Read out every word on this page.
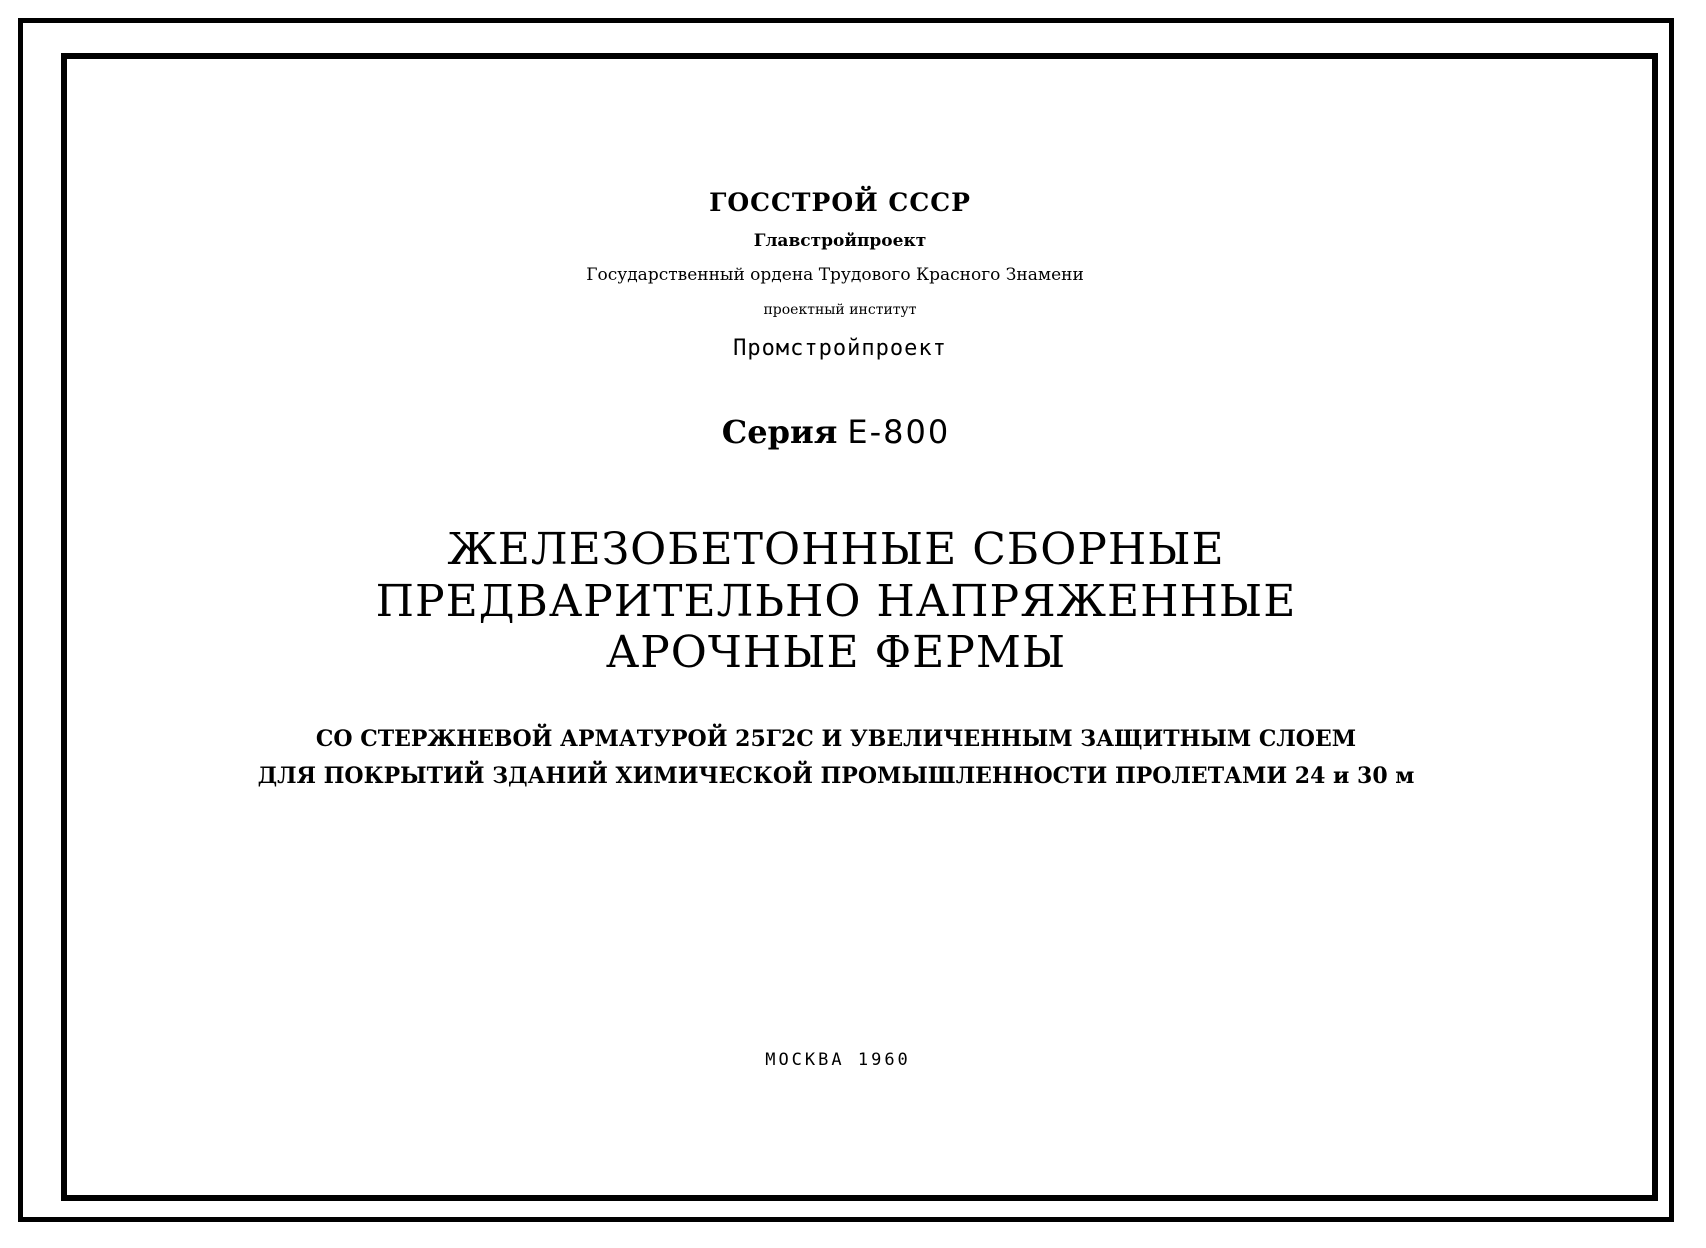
ГОССТРОЙ СССР
Главстройпроект
Государственный ордена Трудового Красного Знамени
проектный институт
Промстройпроект
Серия Е-800
ЖЕЛЕЗОБЕТОННЫЕ СБОРНЫЕ
ПРЕДВАРИТЕЛЬНО НАПРЯЖЕННЫЕ
АРОЧНЫЕ ФЕРМЫ
СО СТЕРЖНЕВОЙ АРМАТУРОЙ 25Г2С И УВЕЛИЧЕННЫМ ЗАЩИТНЫМ СЛОЕМ
ДЛЯ ПОКРЫТИЙ ЗДАНИЙ ХИМИЧЕСКОЙ ПРОМЫШЛЕННОСТИ ПРОЛЕТАМИ 24 и 30 м
МОСКВА 1960
